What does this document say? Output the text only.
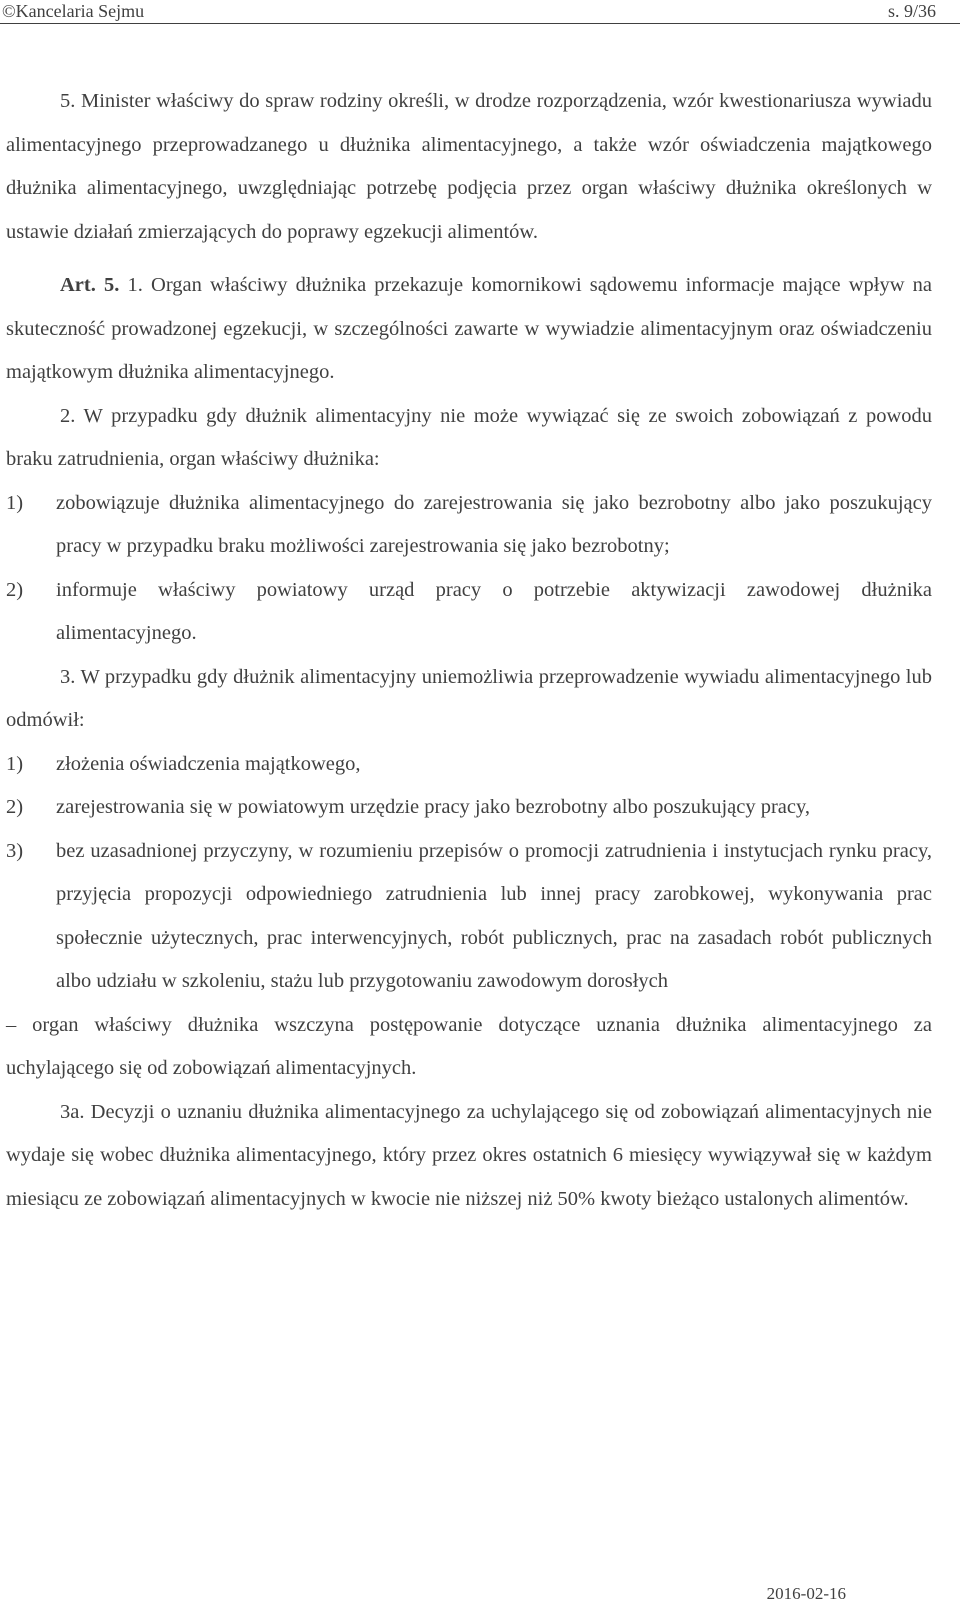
©Kancelaria Sejmu	s. 9/36

5. Minister właściwy do spraw rodziny określi, w drodze rozporządzenia, wzór kwestionariusza wywiadu alimentacyjnego przeprowadzanego u dłużnika alimentacyjnego, a także wzór oświadczenia majątkowego dłużnika alimentacyjnego, uwzględniając potrzebę podjęcia przez organ właściwy dłużnika określonych w ustawie działań zmierzających do poprawy egzekucji alimentów.

Art. 5. 1. Organ właściwy dłużnika przekazuje komornikowi sądowemu informacje mające wpływ na skuteczność prowadzonej egzekucji, w szczególności zawarte w wywiadzie alimentacyjnym oraz oświadczeniu majątkowym dłużnika alimentacyjnego.

2. W przypadku gdy dłużnik alimentacyjny nie może wywiązać się ze swoich zobowiązań z powodu braku zatrudnienia, organ właściwy dłużnika:

1)	zobowiązuje dłużnika alimentacyjnego do zarejestrowania się jako bezrobotny albo jako poszukujący pracy w przypadku braku możliwości zarejestrowania się jako bezrobotny;
2)	informuje właściwy powiatowy urząd pracy o potrzebie aktywizacji zawodowej dłużnika alimentacyjnego.

3. W przypadku gdy dłużnik alimentacyjny uniemożliwia przeprowadzenie wywiadu alimentacyjnego lub odmówił:

1)	złożenia oświadczenia majątkowego,
2)	zarejestrowania się w powiatowym urzędzie pracy jako bezrobotny albo poszukujący pracy,
3)	bez uzasadnionej przyczyny, w rozumieniu przepisów o promocji zatrudnienia i instytucjach rynku pracy, przyjęcia propozycji odpowiedniego zatrudnienia lub innej pracy zarobkowej, wykonywania prac społecznie użytecznych, prac interwencyjnych, robót publicznych, prac na zasadach robót publicznych albo udziału w szkoleniu, stażu lub przygotowaniu zawodowym dorosłych

– organ właściwy dłużnika wszczyna postępowanie dotyczące uznania dłużnika alimentacyjnego za uchylającego się od zobowiązań alimentacyjnych.

3a. Decyzji o uznaniu dłużnika alimentacyjnego za uchylającego się od zobowiązań alimentacyjnych nie wydaje się wobec dłużnika alimentacyjnego, który przez okres ostatnich 6 miesięcy wywiązywał się w każdym miesiącu ze zobowiązań alimentacyjnych w kwocie nie niższej niż 50% kwoty bieżąco ustalonych alimentów.

2016-02-16
